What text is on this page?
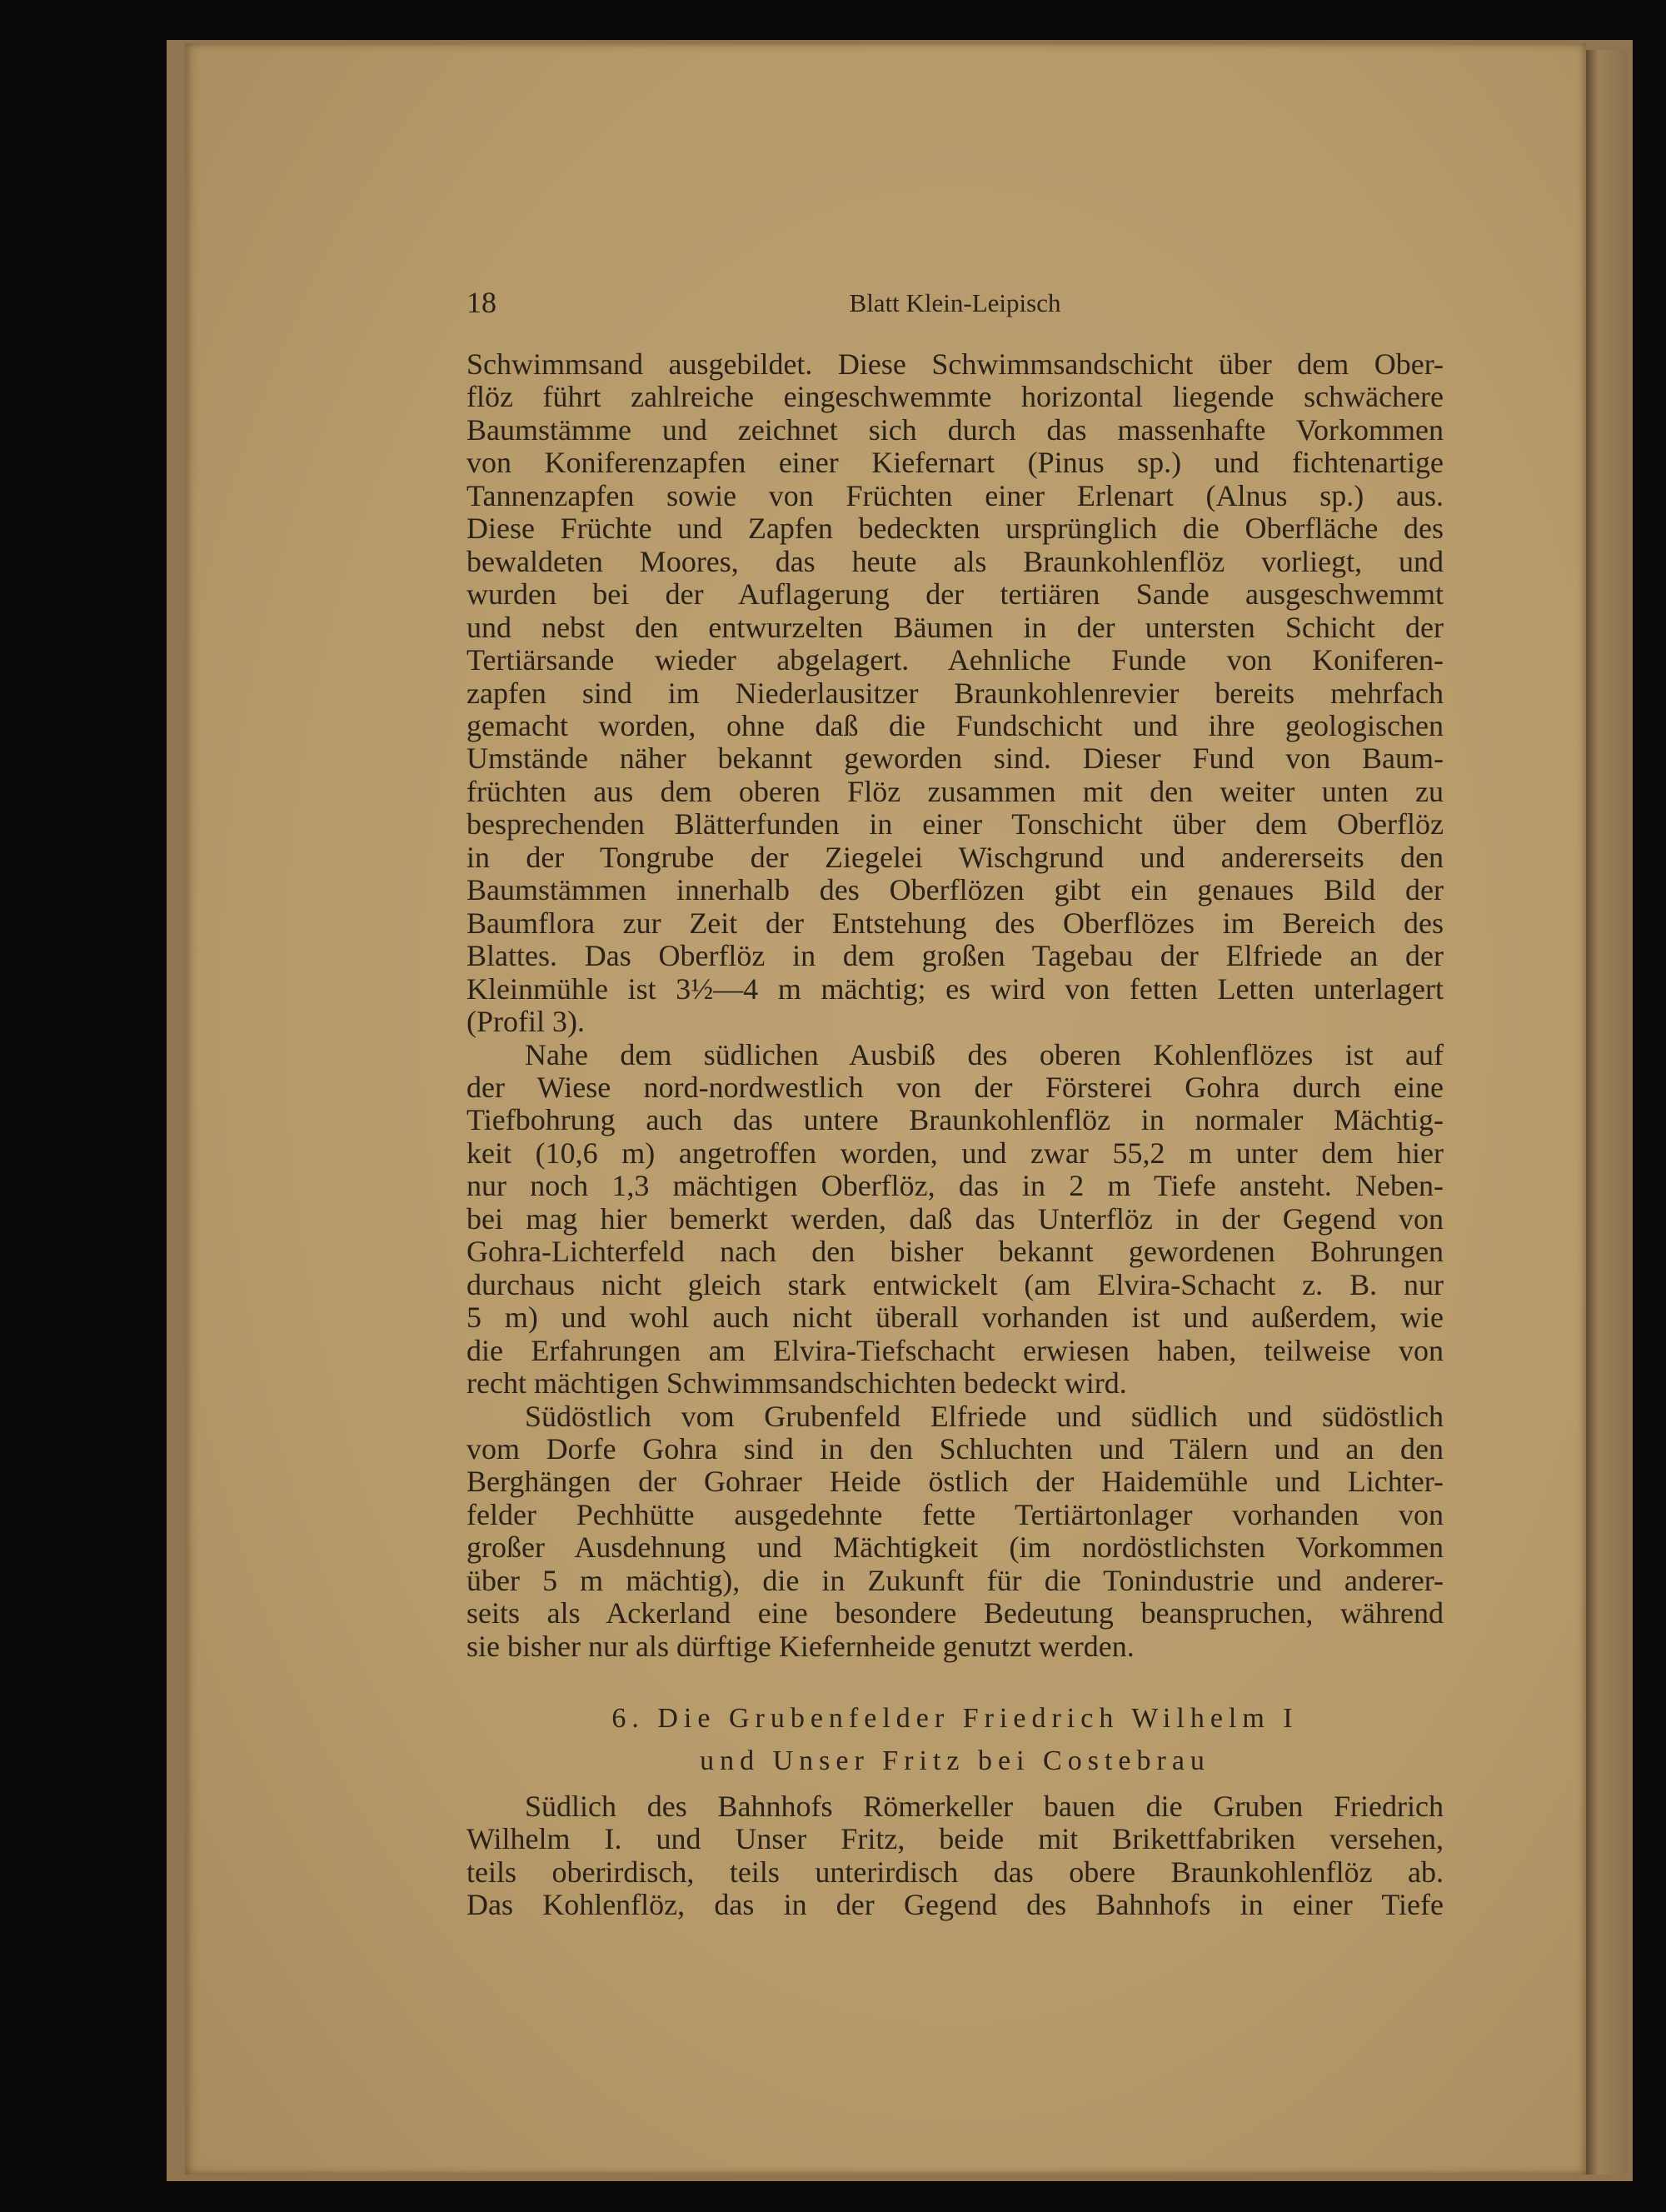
18	Blatt Klein-Leipisch
Schwimmsand ausgebildet. Diese Schwimmsandschicht über dem Ober-
flöz führt zahlreiche eingeschwemmte horizontal liegende schwächere
Baumstämme und zeichnet sich durch das massenhafte Vorkommen
von Koniferenzapfen einer Kiefernart (Pinus sp.) und fichtenartige
Tannenzapfen sowie von Früchten einer Erlenart (Alnus sp.) aus.
Diese Früchte und Zapfen bedeckten ursprünglich die Oberfläche des
bewaldeten Moores, das heute als Braunkohlenflöz vorliegt, und
wurden bei der Auflagerung der tertiären Sande ausgeschwemmt
und nebst den entwurzelten Bäumen in der untersten Schicht der
Tertiärsande wieder abgelagert. Aehnliche Funde von Koniferen-
zapfen sind im Niederlausitzer Braunkohlenrevier bereits mehrfach
gemacht worden, ohne daß die Fundschicht und ihre geologischen
Umstände näher bekannt geworden sind. Dieser Fund von Baum-
früchten aus dem oberen Flöz zusammen mit den weiter unten zu
besprechenden Blätterfunden in einer Tonschicht über dem Oberflöz
in der Tongrube der Ziegelei Wischgrund und andererseits den
Baumstämmen innerhalb des Oberflözen gibt ein genaues Bild der
Baumflora zur Zeit der Entstehung des Oberflözes im Bereich des
Blattes. Das Oberflöz in dem großen Tagebau der Elfriede an der
Kleinmühle ist 3½—4 m mächtig; es wird von fetten Letten unterlagert
(Profil 3).
Nahe dem südlichen Ausbiß des oberen Kohlenflözes ist auf
der Wiese nord-nordwestlich von der Försterei Gohra durch eine
Tiefbohrung auch das untere Braunkohlenflöz in normaler Mächtig-
keit (10,6 m) angetroffen worden, und zwar 55,2 m unter dem hier
nur noch 1,3 mächtigen Oberflöz, das in 2 m Tiefe ansteht. Neben-
bei mag hier bemerkt werden, daß das Unterflöz in der Gegend von
Gohra-Lichterfeld nach den bisher bekannt gewordenen Bohrungen
durchaus nicht gleich stark entwickelt (am Elvira-Schacht z. B. nur
5 m) und wohl auch nicht überall vorhanden ist und außerdem, wie
die Erfahrungen am Elvira-Tiefschacht erwiesen haben, teilweise von
recht mächtigen Schwimmsandschichten bedeckt wird.
Südöstlich vom Grubenfeld Elfriede und südlich und südöstlich
vom Dorfe Gohra sind in den Schluchten und Tälern und an den
Berghängen der Gohraer Heide östlich der Haidemühle und Lichter-
felder Pechhütte ausgedehnte fette Tertiärtonlager vorhanden von
großer Ausdehnung und Mächtigkeit (im nordöstlichsten Vorkommen
über 5 m mächtig), die in Zukunft für die Tonindustrie und anderer-
seits als Ackerland eine besondere Bedeutung beanspruchen, während
sie bisher nur als dürftige Kiefernheide genutzt werden.
6. Die Grubenfelder Friedrich Wilhelm I
und Unser Fritz bei Costebrau
Südlich des Bahnhofs Römerkeller bauen die Gruben Friedrich
Wilhelm I. und Unser Fritz, beide mit Brikettfabriken versehen,
teils oberirdisch, teils unterirdisch das obere Braunkohlenflöz ab.
Das Kohlenflöz, das in der Gegend des Bahnhofs in einer Tiefe
